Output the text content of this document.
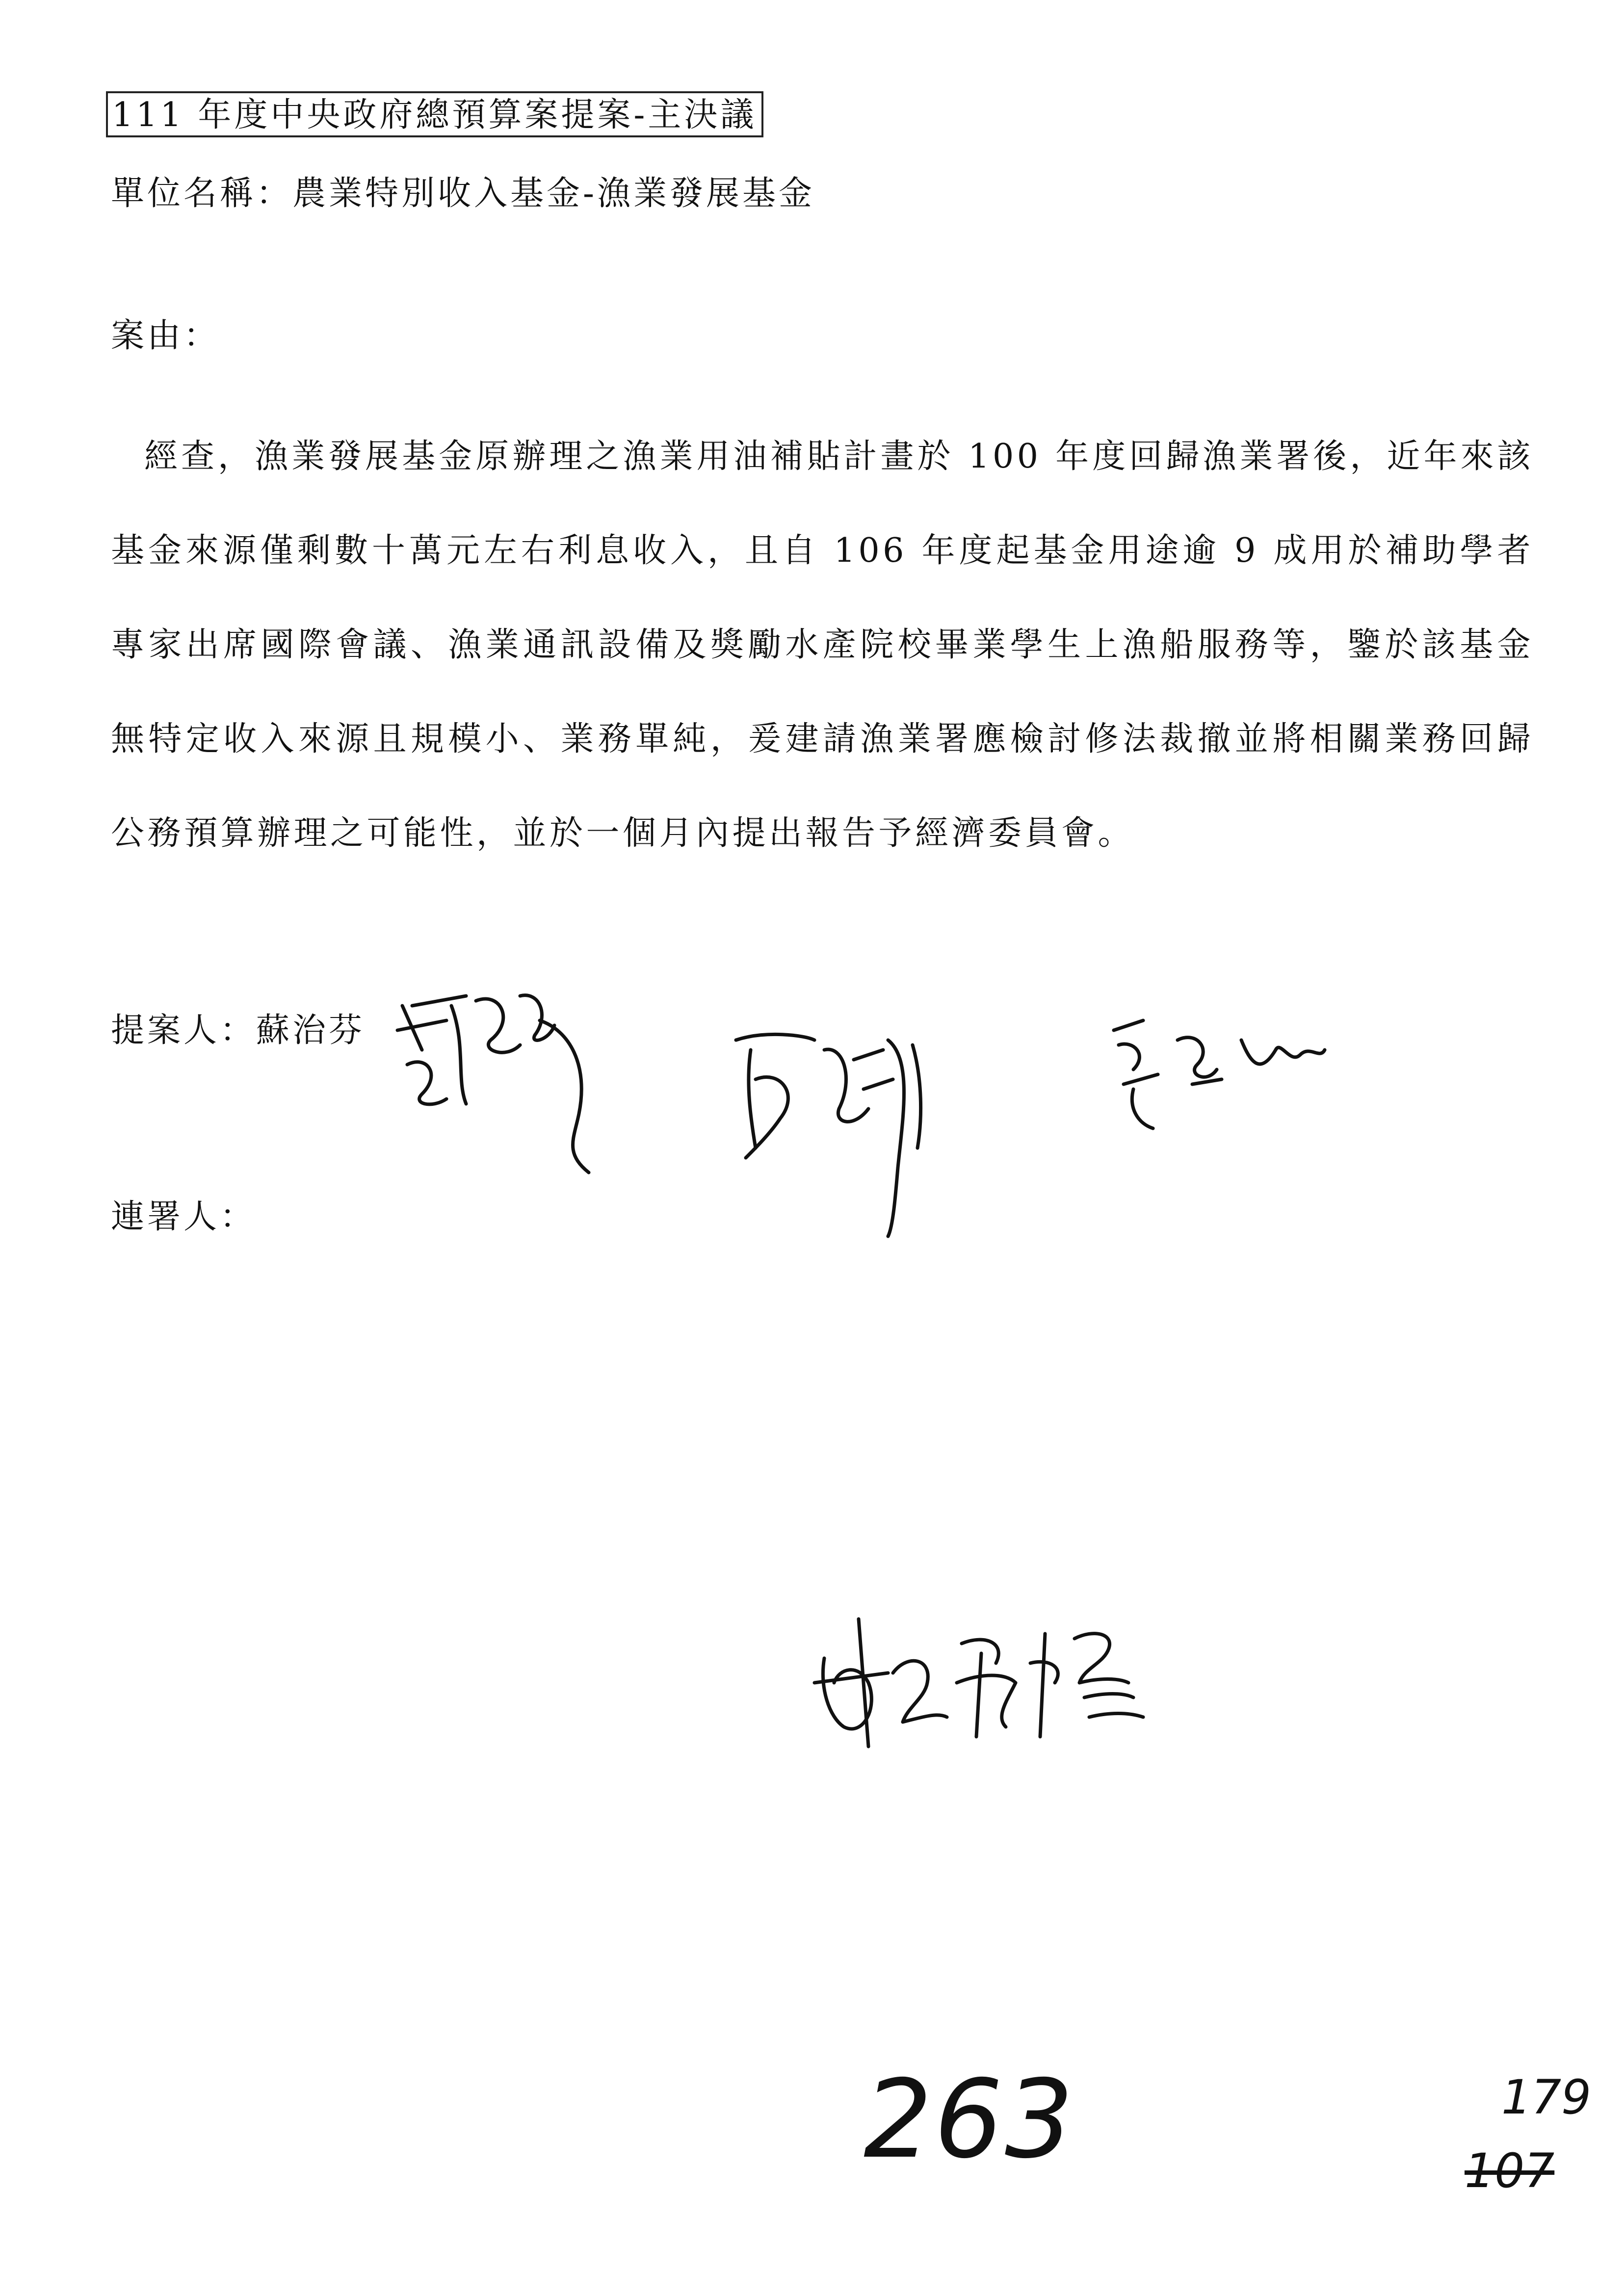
111 年度中央政府總預算案提案-主決議
單位名稱：農業特別收入基金-漁業發展基金
案由：
經查，漁業發展基金原辦理之漁業用油補貼計畫於 100 年度回歸漁業署後，近年來該基金來源僅剩數十萬元左右利息收入，且自 106 年度起基金用途逾 9 成用於補助學者專家出席國際會議、漁業通訊設備及獎勵水產院校畢業學生上漁船服務等，鑒於該基金無特定收入來源且規模小、業務單純，爰建請漁業署應檢討修法裁撤並將相關業務回歸公務預算辦理之可能性，並於一個月內提出報告予經濟委員會。
提案人：蘇治芬
連署人：
263	179
107
